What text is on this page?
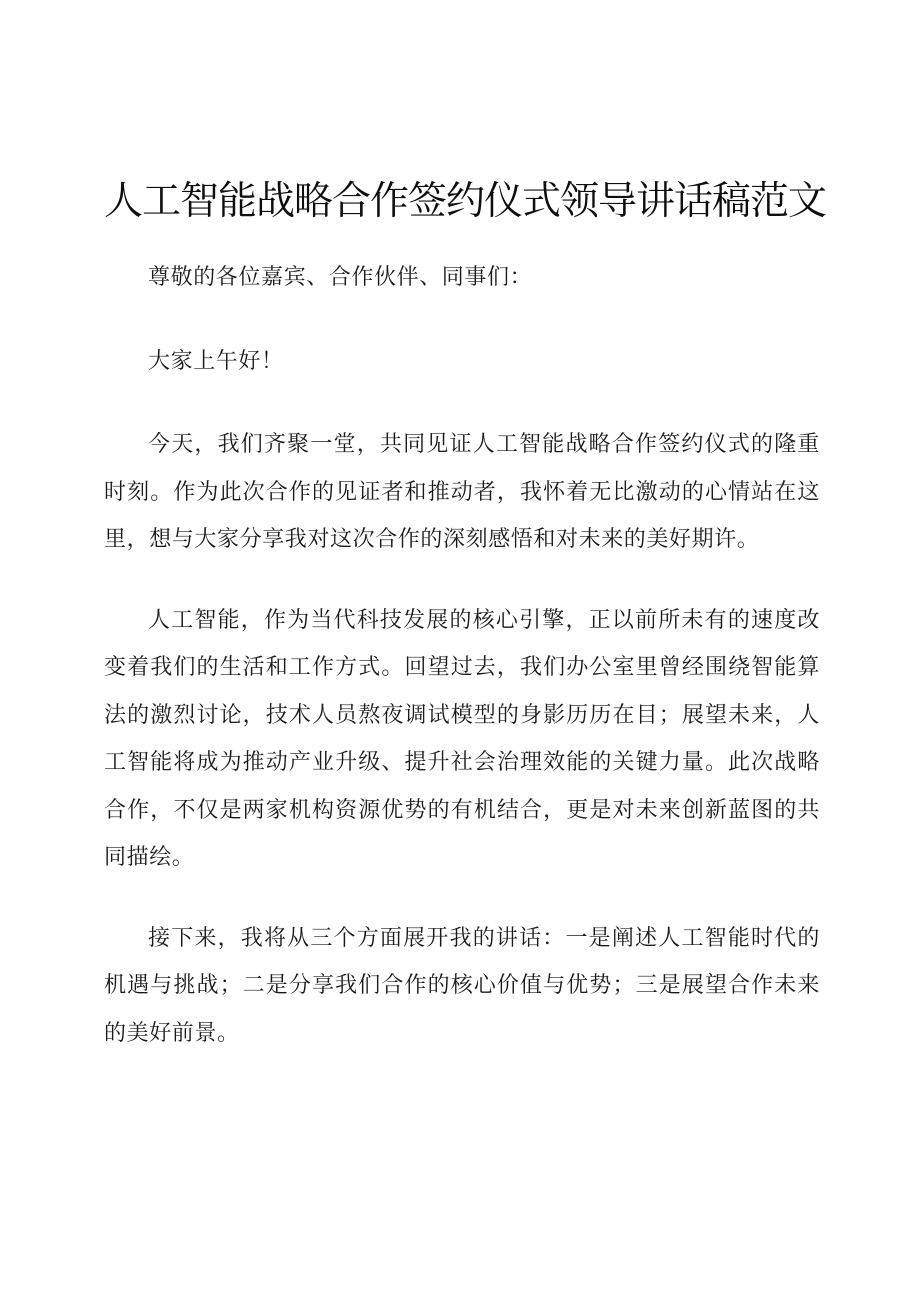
人工智能战略合作签约仪式领导讲话稿范文

尊敬的各位嘉宾、合作伙伴、同事们：

大家上午好！

今天，我们齐聚一堂，共同见证人工智能战略合作签约仪式的隆重时刻。作为此次合作的见证者和推动者，我怀着无比激动的心情站在这里，想与大家分享我对这次合作的深刻感悟和对未来的美好期许。

人工智能，作为当代科技发展的核心引擎，正以前所未有的速度改变着我们的生活和工作方式。回望过去，我们办公室里曾经围绕智能算法的激烈讨论，技术人员熬夜调试模型的身影历历在目；展望未来，人工智能将成为推动产业升级、提升社会治理效能的关键力量。此次战略合作，不仅是两家机构资源优势的有机结合，更是对未来创新蓝图的共同描绘。

接下来，我将从三个方面展开我的讲话：一是阐述人工智能时代的机遇与挑战；二是分享我们合作的核心价值与优势；三是展望合作未来的美好前景。
